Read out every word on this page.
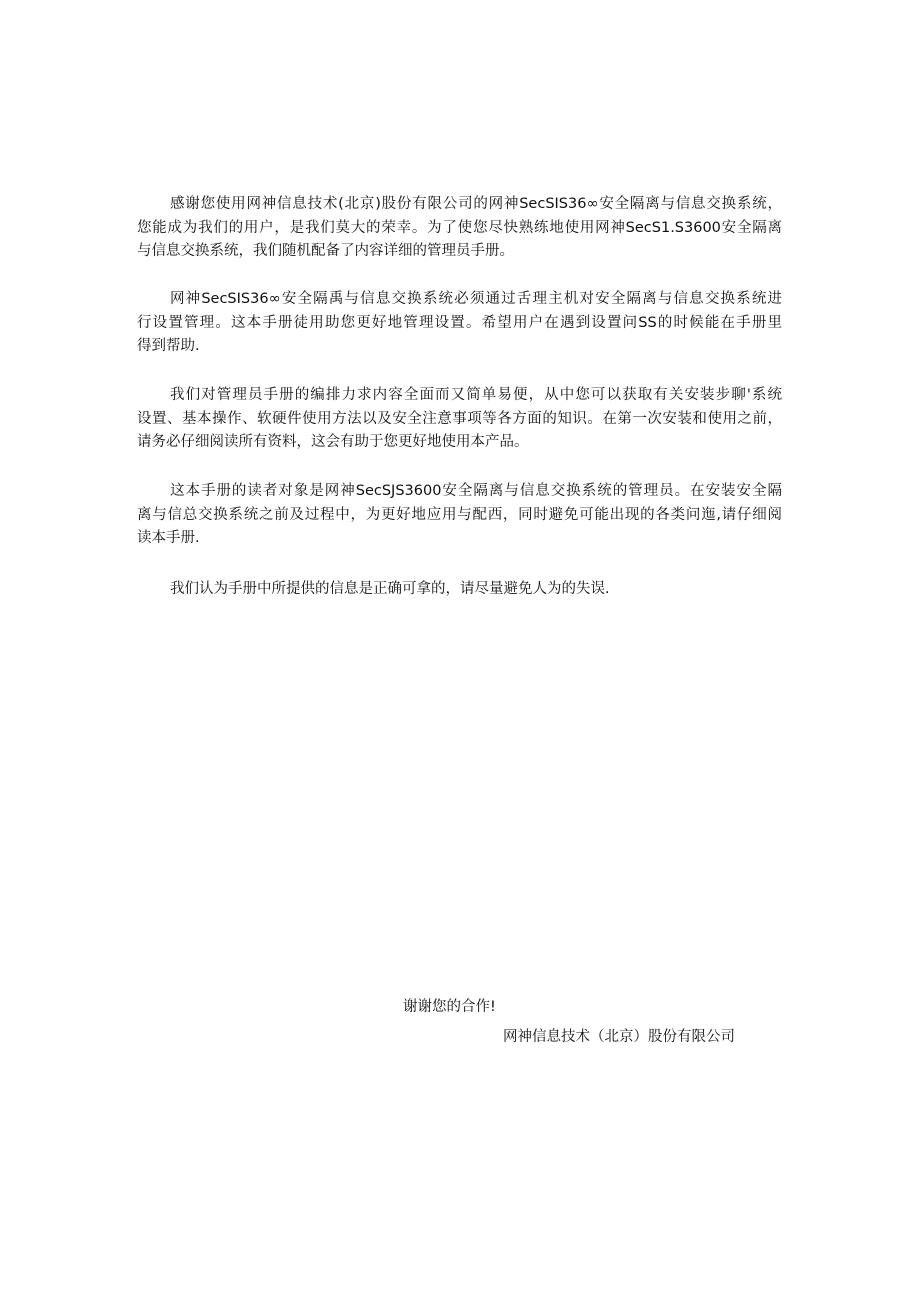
感谢您使用网神信息技术(北京)股份有限公司的网神SecSIS36∞安全隔离与信息交换系统，
您能成为我们的用户，是我们莫大的荣幸。为了使您尽快熟练地使用网神SecS1.S3600安全隔离
与信息交换系统，我们随机配备了内容详细的管理员手册。
网神SecSIS36∞安全隔禹与信息交换系统必须通过舌理主机对安全隔离与信息交换系统进
行设置管理。这本手册徒用助您更好地管理设置。希望用户在遇到设置问SS的时候能在手册里
得到帮助.
我们对管理员手册的编排力求内容全面而又简单易便，从中您可以获取有关安装步聊'系统
设置、基本操作、软硬件使用方法以及安全注意事项等各方面的知识。在第一次安装和使用之前，
请务必仔细阅读所有资料，这会有助于您更好地使用本产品。
这本手册的读者对象是网神SecSJS3600安全隔离与信息交换系统的管理员。在安装安全隔
离与信总交换系统之前及过程中，为更好地应用与配西，同时避免可能出现的各类问迤,请仔细阅
读本手册.
我们认为手册中所提供的信息是正确可拿的，请尽量避免人为的失误.
谢谢您的合作!
网神信息技术（北京）股份有限公司
